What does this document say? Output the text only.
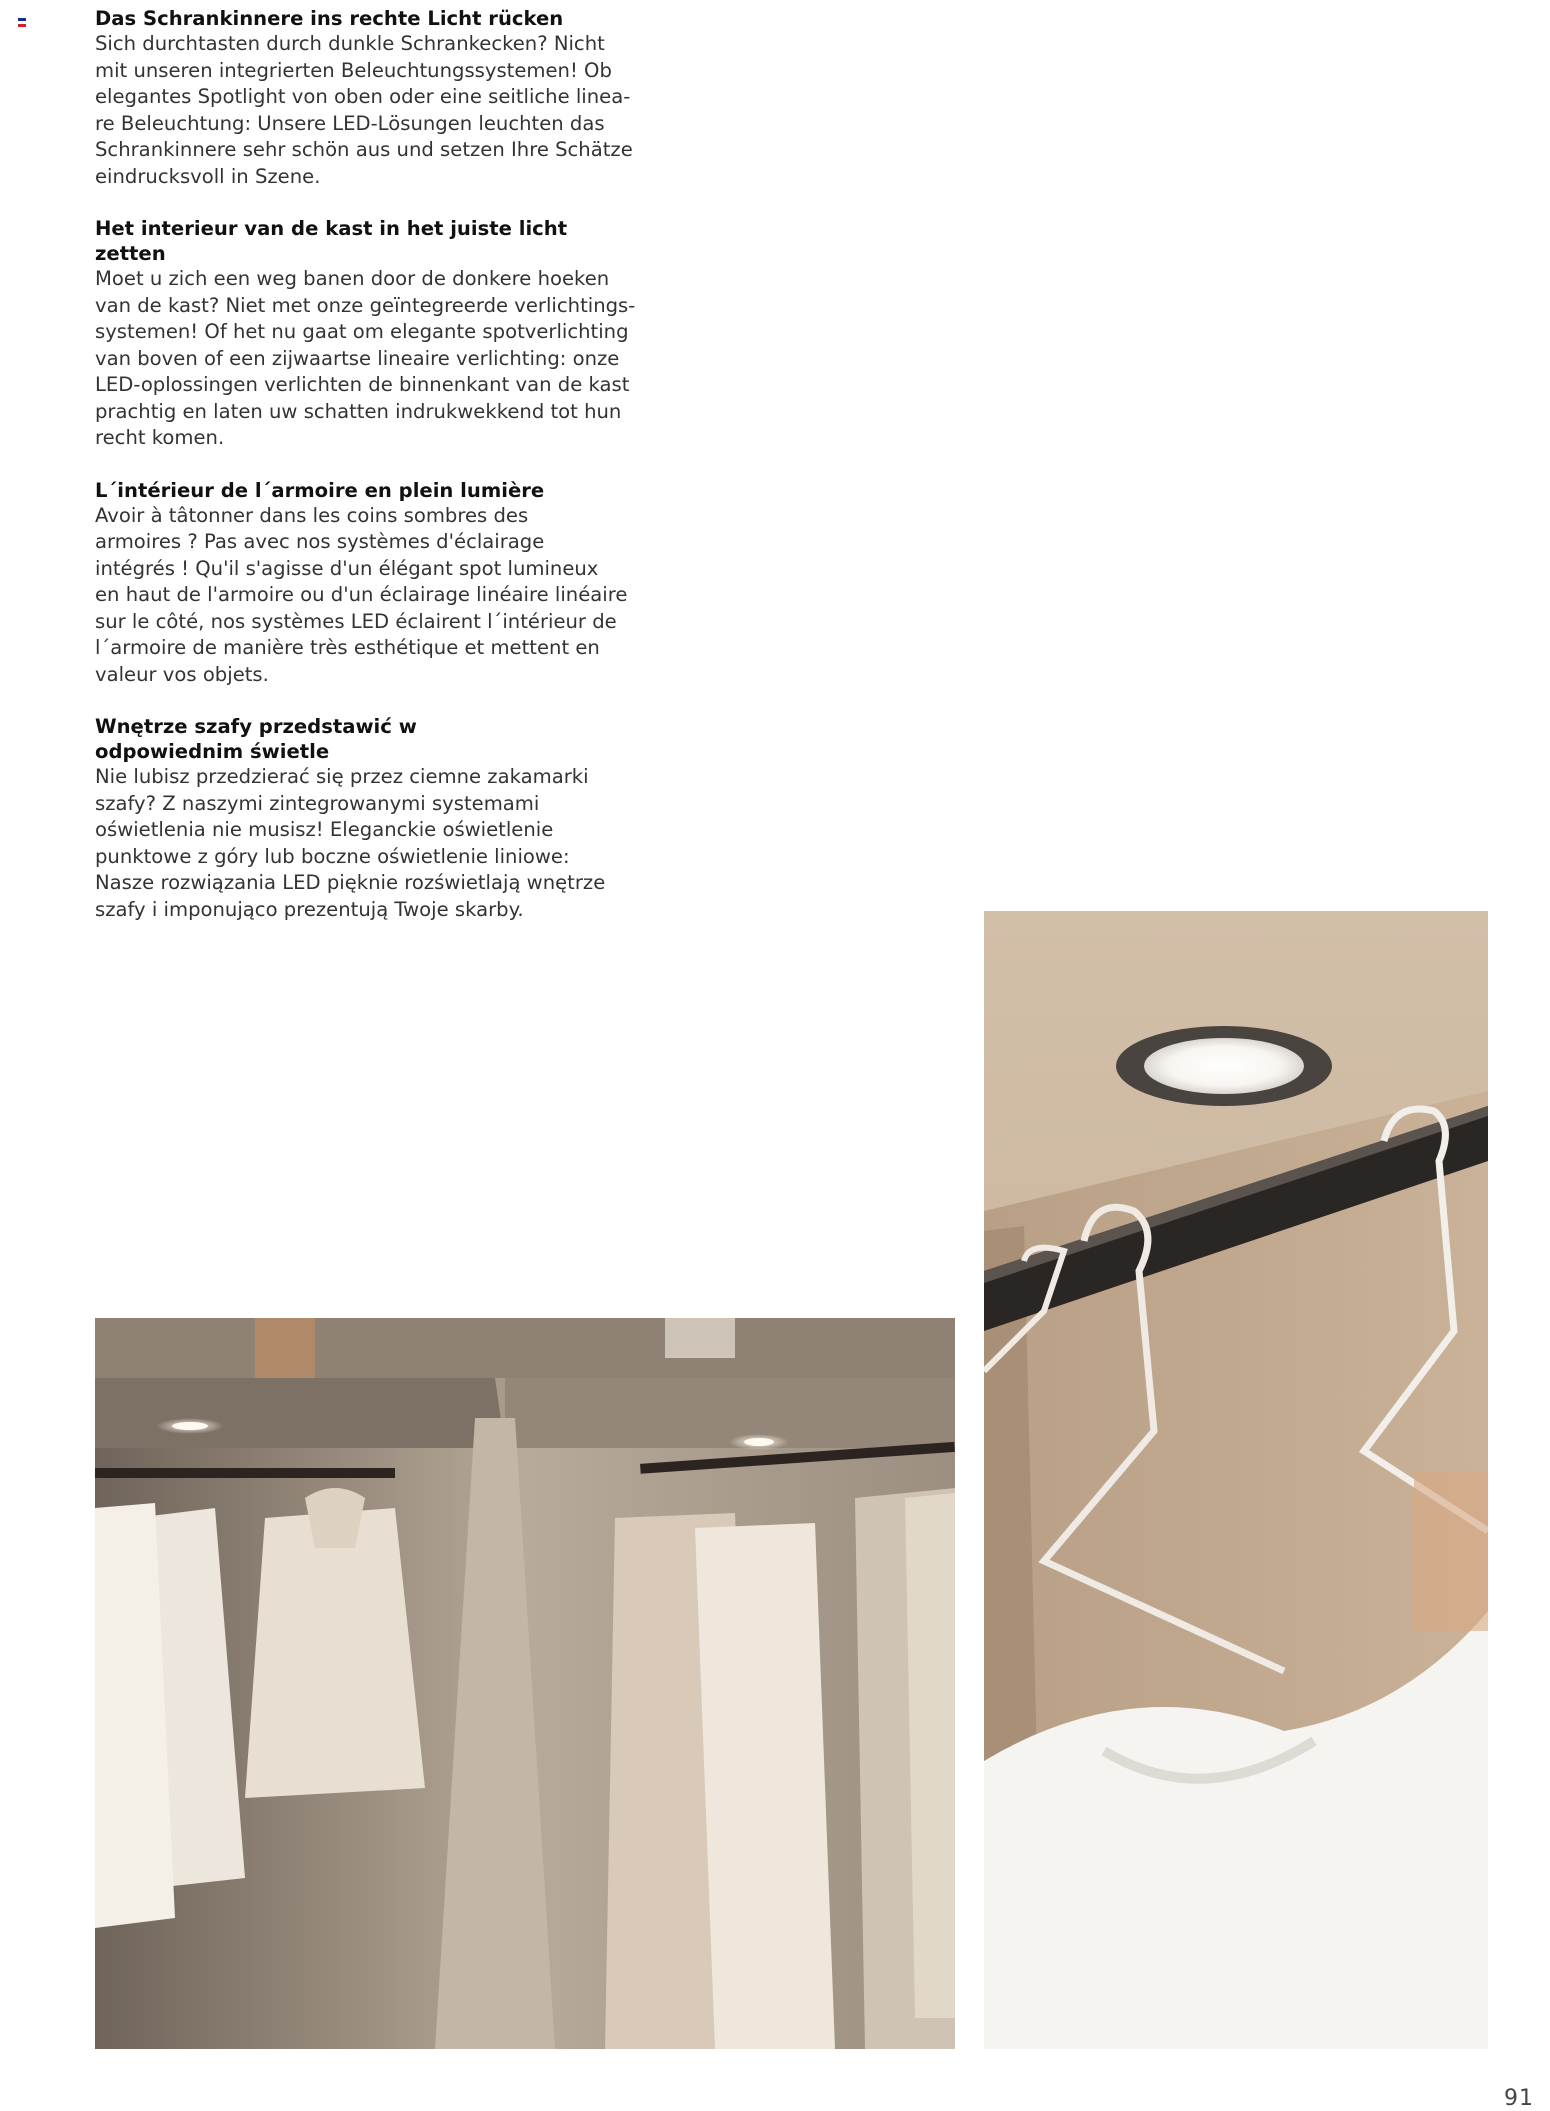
Das Schrankinnere ins rechte Licht rücken

Sich durchtasten durch dunkle Schrankecken? Nicht
mit unseren integrierten Beleuchtungssystemen! Ob
elegantes Spotlight von oben oder eine seitliche linea-
re Beleuchtung: Unsere LED-Lösungen leuchten das
Schrankinnere sehr schön aus und setzen Ihre Schätze
eindrucksvoll in Szene.

Het interieur van de kast in het juiste licht zetten

Moet u zich een weg banen door de donkere hoeken
van de kast? Niet met onze geïntegreerde verlichtings-
systemen! Of het nu gaat om elegante spotverlichting
van boven of een zijwaartse lineaire verlichting: onze
LED-oplossingen verlichten de binnenkant van de kast
prachtig en laten uw schatten indrukwekkend tot hun
recht komen.

L´intérieur de l´armoire en plein lumière

Avoir à tâtonner dans les coins sombres des
armoires ? Pas avec nos systèmes d'éclairage
intégrés ! Qu'il s'agisse d'un élégant spot lumineux
en haut de l'armoire ou d'un éclairage linéaire linéaire
sur le côté, nos systèmes LED éclairent l´intérieur de
l´armoire de manière très esthétique et mettent en
valeur vos objets.

Wnętrze szafy przedstawić w
odpowiednim świetle

Nie lubisz przedzierać się przez ciemne zakamarki
szafy? Z naszymi zintegrowanymi systemami
oświetlenia nie musisz! Eleganckie oświetlenie
punktowe z góry lub boczne oświetlenie liniowe:
Nasze rozwiązania LED pięknie rozświetlają wnętrze
szafy i imponująco prezentują Twoje skarby.

91
